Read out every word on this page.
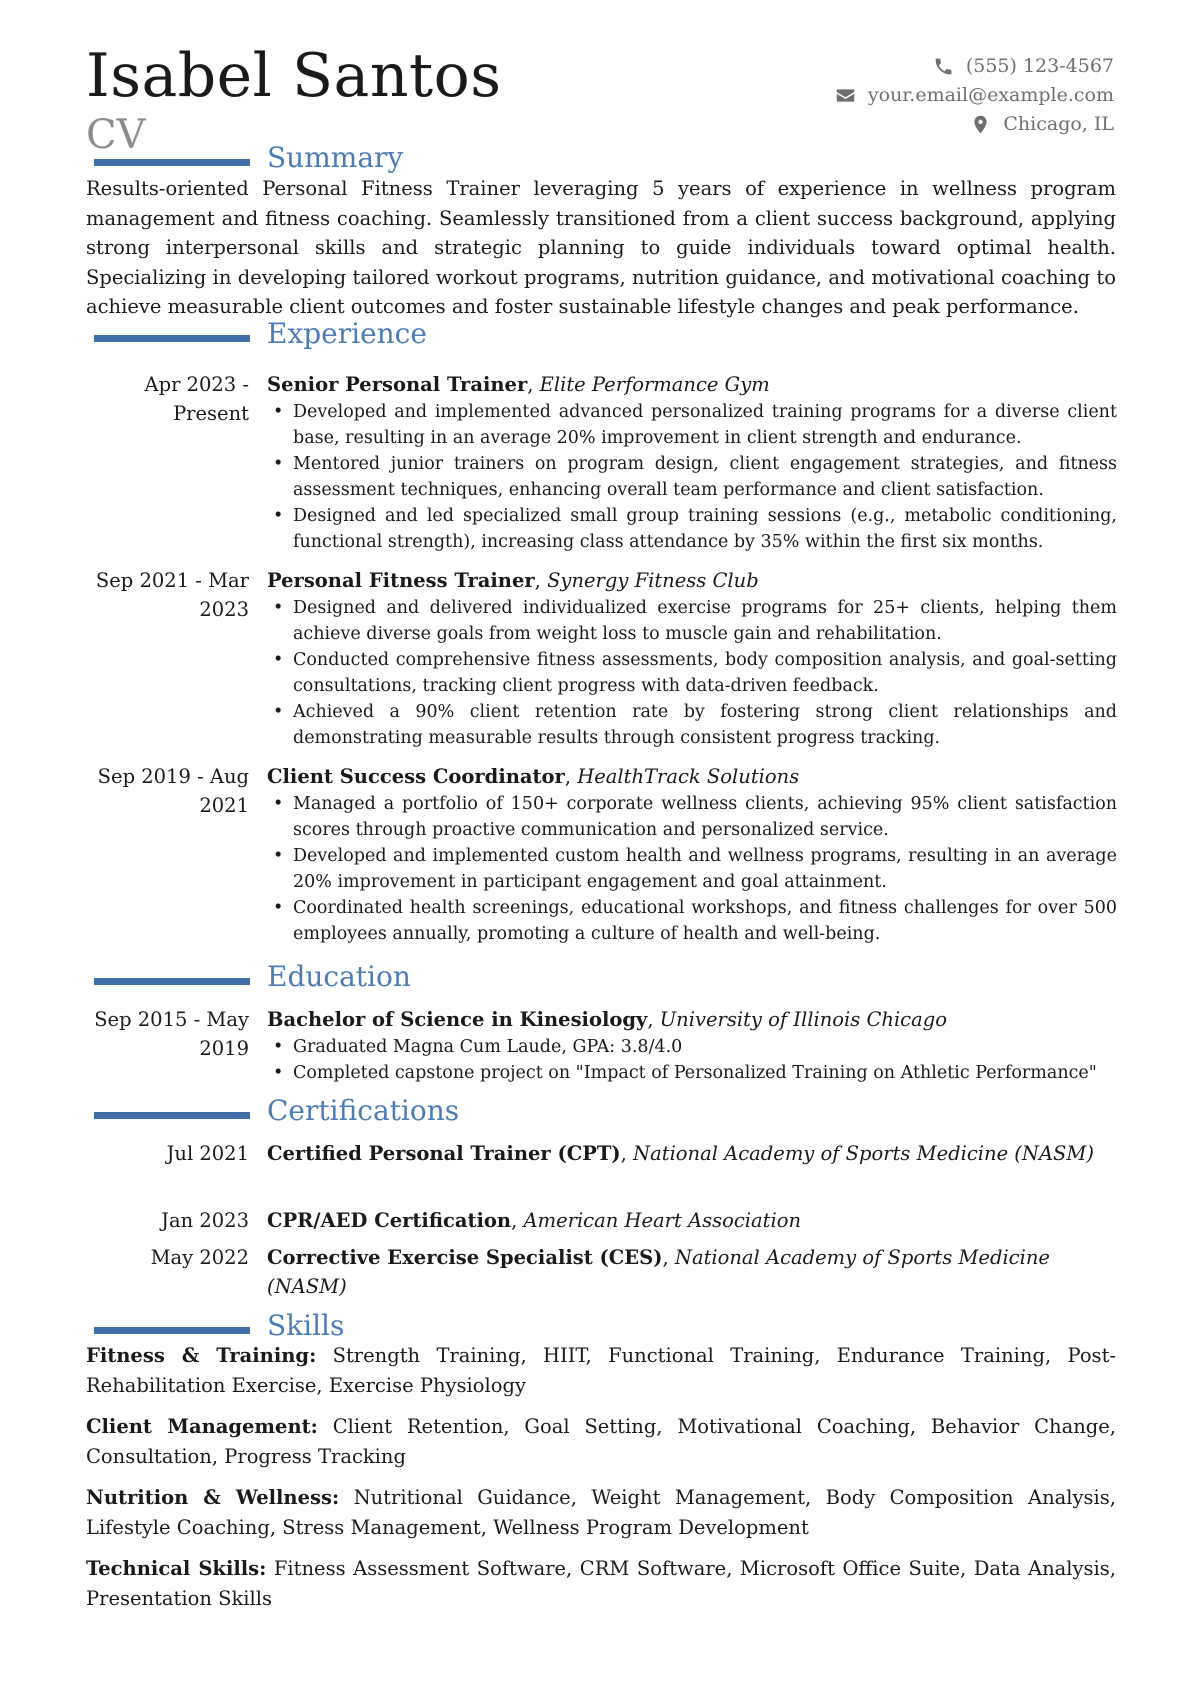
Isabel Santos
CV
(555) 123-4567
your.email@example.com
Chicago, IL
Summary
Results-oriented Personal Fitness Trainer leveraging 5 years of experience in wellness program management and fitness coaching. Seamlessly transitioned from a client success background, applying strong interpersonal skills and strategic planning to guide individuals toward optimal health. Specializing in developing tailored workout programs, nutrition guidance, and motivational coaching to achieve measurable client outcomes and foster sustainable lifestyle changes and peak performance.
Experience
Apr 2023 - Present
Senior Personal Trainer, Elite Performance Gym
• Developed and implemented advanced personalized training programs for a diverse client base, resulting in an average 20% improvement in client strength and endurance.
• Mentored junior trainers on program design, client engagement strategies, and fitness assessment techniques, enhancing overall team performance and client satisfaction.
• Designed and led specialized small group training sessions (e.g., metabolic conditioning, functional strength), increasing class attendance by 35% within the first six months.
Sep 2021 - Mar 2023
Personal Fitness Trainer, Synergy Fitness Club
• Designed and delivered individualized exercise programs for 25+ clients, helping them achieve diverse goals from weight loss to muscle gain and rehabilitation.
• Conducted comprehensive fitness assessments, body composition analysis, and goal-setting consultations, tracking client progress with data-driven feedback.
• Achieved a 90% client retention rate by fostering strong client relationships and demonstrating measurable results through consistent progress tracking.
Sep 2019 - Aug 2021
Client Success Coordinator, HealthTrack Solutions
• Managed a portfolio of 150+ corporate wellness clients, achieving 95% client satisfaction scores through proactive communication and personalized service.
• Developed and implemented custom health and wellness programs, resulting in an average 20% improvement in participant engagement and goal attainment.
• Coordinated health screenings, educational workshops, and fitness challenges for over 500 employees annually, promoting a culture of health and well-being.
Education
Sep 2015 - May 2019
Bachelor of Science in Kinesiology, University of Illinois Chicago
• Graduated Magna Cum Laude, GPA: 3.8/4.0
• Completed capstone project on "Impact of Personalized Training on Athletic Performance"
Certifications
Jul 2021 Certified Personal Trainer (CPT), National Academy of Sports Medicine (NASM)
Jan 2023 CPR/AED Certification, American Heart Association
May 2022 Corrective Exercise Specialist (CES), National Academy of Sports Medicine (NASM)
Skills
Fitness & Training: Strength Training, HIIT, Functional Training, Endurance Training, Post-Rehabilitation Exercise, Exercise Physiology
Client Management: Client Retention, Goal Setting, Motivational Coaching, Behavior Change, Consultation, Progress Tracking
Nutrition & Wellness: Nutritional Guidance, Weight Management, Body Composition Analysis, Lifestyle Coaching, Stress Management, Wellness Program Development
Technical Skills: Fitness Assessment Software, CRM Software, Microsoft Office Suite, Data Analysis, Presentation Skills
